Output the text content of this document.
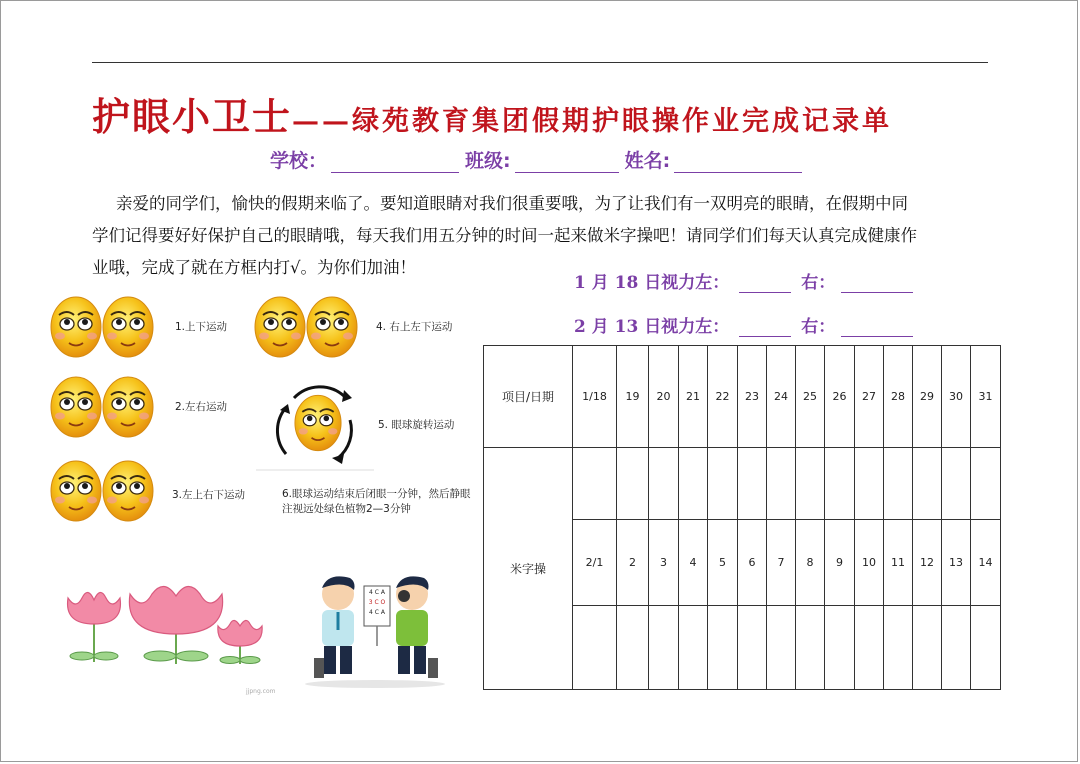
护眼小卫士——绿苑教育集团假期护眼操作业完成记录单
学校：	班级:	姓名:
亲爱的同学们，愉快的假期来临了。要知道眼睛对我们很重要哦，为了让我们有一双明亮的眼睛，在假期中同
学们记得要好好保护自己的眼睛哦，每天我们用五分钟的时间一起来做米字操吧！请同学们们每天认真完成健康作
业哦，完成了就在方框内打√。为你们加油！
1 月 18 日视力左：	右：
2 月 13 日视力左：	右：
1.上下运动
2.左右运动
3.左上右下运动
4. 右上左下运动
5. 眼球旋转运动
6.眼球运动结束后闭眼一分钟，然后静眼
注视远处绿色植物2—3分钟
4 C A
3 C O
4 C A
jjpng.com
项目/日期	1/18	19	20	21	22	23	24	25	26	27	28	29	30	31
米字操														
	2/1	2	3	4	5	6	7	8	9	10	11	12	13	14
